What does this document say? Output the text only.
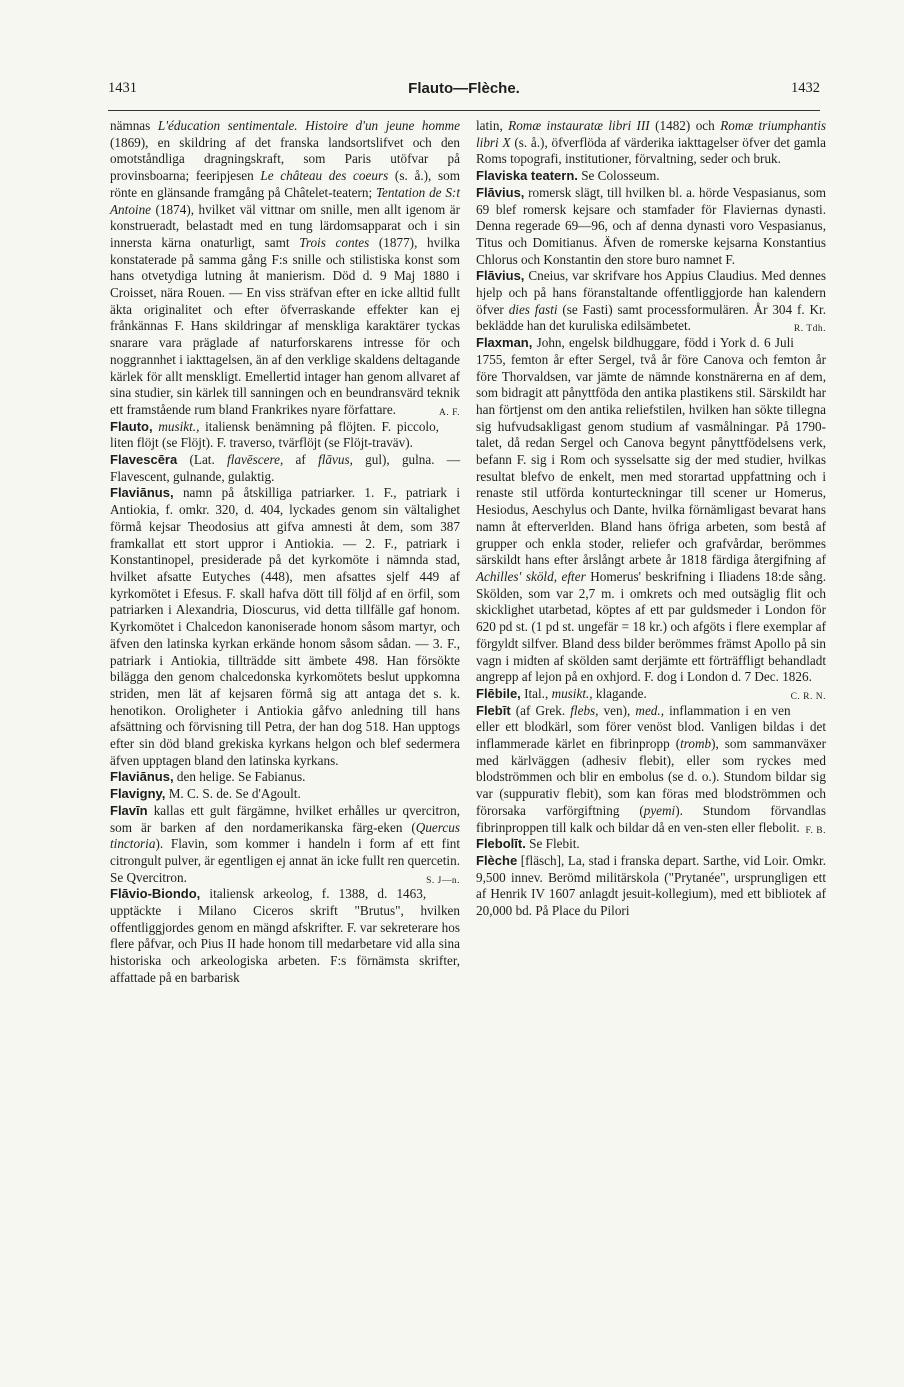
1431	Flauto—Flèche.	1432

nämnas L'éducation sentimentale. Histoire d'un jeune homme (1869), en skildring af det franska landsortslifvet och den omotståndliga dragningskraft, som Paris utöfvar på provinsboarna; feeripjesen Le château des coeurs (s. å.), som rönte en glänsande framgång på Châtelet-teatern; Tentation de S:t Antoine (1874), hvilket väl vittnar om snille, men allt igenom är konstrueradt, belastadt med en tung lärdomsapparat och i sin innersta kärna onaturligt, samt Trois contes (1877), hvilka konstaterade på samma gång F:s snille och stilistiska konst som hans otvetydiga lutning åt manierism. Död d. 9 Maj 1880 i Croisset, nära Rouen. — En viss sträfvan efter en icke alltid fullt äkta originalitet och efter öfverraskande effekter kan ej frånkännas F. Hans skildringar af menskliga karaktärer tyckas snarare vara präglade af naturforskarens intresse för och noggrannhet i iakttagelsen, än af den verklige skaldens deltagande kärlek för allt menskligt. Emellertid intager han genom allvaret af sina studier, sin kärlek till sanningen och en beundransvärd teknik ett framstående rum bland Frankrikes nyare författare.	A. F.

Flauto, musikt., italiensk benämning på flöjten. F. piccolo, liten flöjt (se Flöjt). F. traverso, tvärflöjt (se Flöjt-traväv).

Flavescēra (Lat. flavēscere, af flāvus, gul), gulna. — Flavescent, gulnande, gulaktig.

Flaviānus, namn på åtskilliga patriarker. 1. F., patriark i Antiokia, f. omkr. 320, d. 404, lyckades genom sin vältalighet förmå kejsar Theodosius att gifva amnesti åt dem, som 387 framkallat ett stort uppror i Antiokia. — 2. F., patriark i Konstantinopel, presiderade på det kyrkomöte i nämnda stad, hvilket afsatte Eutyches (448), men afsattes sjelf 449 af kyrkomötet i Efesus. F. skall hafva dött till följd af en örfil, som patriarken i Alexandria, Dioscurus, vid detta tillfälle gaf honom. Kyrkomötet i Chalcedon kanoniserade honom såsom martyr, och äfven den latinska kyrkan erkände honom såsom sådan. — 3. F., patriark i Antiokia, tillträdde sitt ämbete 498. Han försökte bilägga den genom chalcedonska kyrkomötets beslut uppkomna striden, men lät af kejsaren förmå sig att antaga det s. k. henotikon. Oroligheter i Antiokia gåfvo anledning till hans afsättning och förvisning till Petra, der han dog 518. Han upptogs efter sin död bland grekiska kyrkans helgon och blef sedermera äfven upptagen bland den latinska kyrkans.

Flaviānus, den helige. Se Fabianus.

Flavigny, M. C. S. de. Se d'Agoult.

Flavīn kallas ett gult färgämne, hvilket erhålles ur qvercitron, som är barken af den nordamerikanska färg-eken (Quercus tinctoria). Flavin, som kommer i handeln i form af ett fint citrongult pulver, är egentligen ej annat än icke fullt ren quercetin. Se Qvercitron.	S. J—n.

Flāvio-Biondo, italiensk arkeolog, f. 1388, d. 1463, upptäckte i Milano Ciceros skrift "Brutus", hvilken offentliggjordes genom en mängd afskrifter. F. var sekreterare hos flere påfvar, och Pius II hade honom till medarbetare vid alla sina historiska och arkeologiska arbeten. F:s förnämsta skrifter, affattade på en barbarisk

latin, Romæ instauratæ libri III (1482) och Romæ triumphantis libri X (s. å.), öfverflöda af värderika iakttagelser öfver det gamla Roms topografi, institutioner, förvaltning, seder och bruk.

Flaviska teatern. Se Colosseum.

Flāvius, romersk slägt, till hvilken bl. a. hörde Vespasianus, som 69 blef romersk kejsare och stamfader för Flaviernas dynasti. Denna regerade 69—96, och af denna dynasti voro Vespasianus, Titus och Domitianus. Äfven de romerske kejsarna Konstantius Chlorus och Konstantin den store buro namnet F.

Flāvius, Cneius, var skrifvare hos Appius Claudius. Med dennes hjelp och på hans föranstaltande offentliggjorde han kalendern öfver dies fasti (se Fasti) samt processformulären. År 304 f. Kr. beklädde han det kuruliska edilsämbetet.	R. Tdh.

Flaxman, John, engelsk bildhuggare, född i York d. 6 Juli 1755, femton år efter Sergel, två år före Canova och femton år före Thorvaldsen, var jämte de nämnde konstnärerna en af dem, som bidragit att pånyttfödа den antika plastikens stil. Särskildt har han förtjenst om den antika reliefstilen, hvilken han sökte tillegna sig hufvudsakligast genom studium af vasmålningar. På 1790-talet, då redan Sergel och Canova begynt pånyttfödelsens verk, befann F. sig i Rom och sysselsatte sig der med studier, hvilkas resultat blefvo de enkelt, men med storartad uppfattning och i renaste stil utförda konturteckningar till scener ur Homerus, Hesiodus, Aeschylus och Dante, hvilka förnämligast bevarat hans namn åt efterverlden. Bland hans öfriga arbeten, som bestå af grupper och enkla stoder, reliefer och grafvårdar, berömmes särskildt hans efter årslångt arbete år 1818 färdiga återgifning af Achilles' sköld, efter Homerus' beskrifning i Iliadens 18:de sång. Skölden, som var 2,7 m. i omkrets och med outsäglig flit och skicklighet utarbetad, köptes af ett par guldsmeder i London för 620 pd st. (1 pd st. ungefär = 18 kr.) och afgöts i flere exemplar af förgyldt silfver. Bland dess bilder berömmes främst Apollo på sin vagn i midten af skölden samt derjämte ett förträffligt behandladt angrepp af lejon på en oxhjord. F. dog i London d. 7 Dec. 1826.
C. R. N.

Flēbile, Ital., musikt., klagande.

Flebīt (af Grek. flebs, ven), med., inflammation i en ven eller ett blodkärl, som förer venöst blod. Vanligen bildas i det inflammerade kärlet en fibrinpropp (tromb), som sammanväxer med kärlväggen (adhesiv flebit), eller som ryckes med blodströmmen och blir en embolus (se d. o.). Stundom bildar sig var (suppurativ flebit), som kan föras med blodströmmen och förorsaka varförgiftning (pyemi). Stundom förvandlas fibrinproppen till kalk och bildar då en ven-sten eller flebolit. F. B.

Flebolīt. Se Flebit.

Flèche [fläsch], La, stad i franska depart. Sarthe, vid Loir. Omkr. 9,500 innev. Berömd militärskola ("Prytanée", ursprungligen ett af Henrik IV 1607 anlagdt jesuit-kollegium), med ett bibliotek af 20,000 bd. På Place du Pilori
